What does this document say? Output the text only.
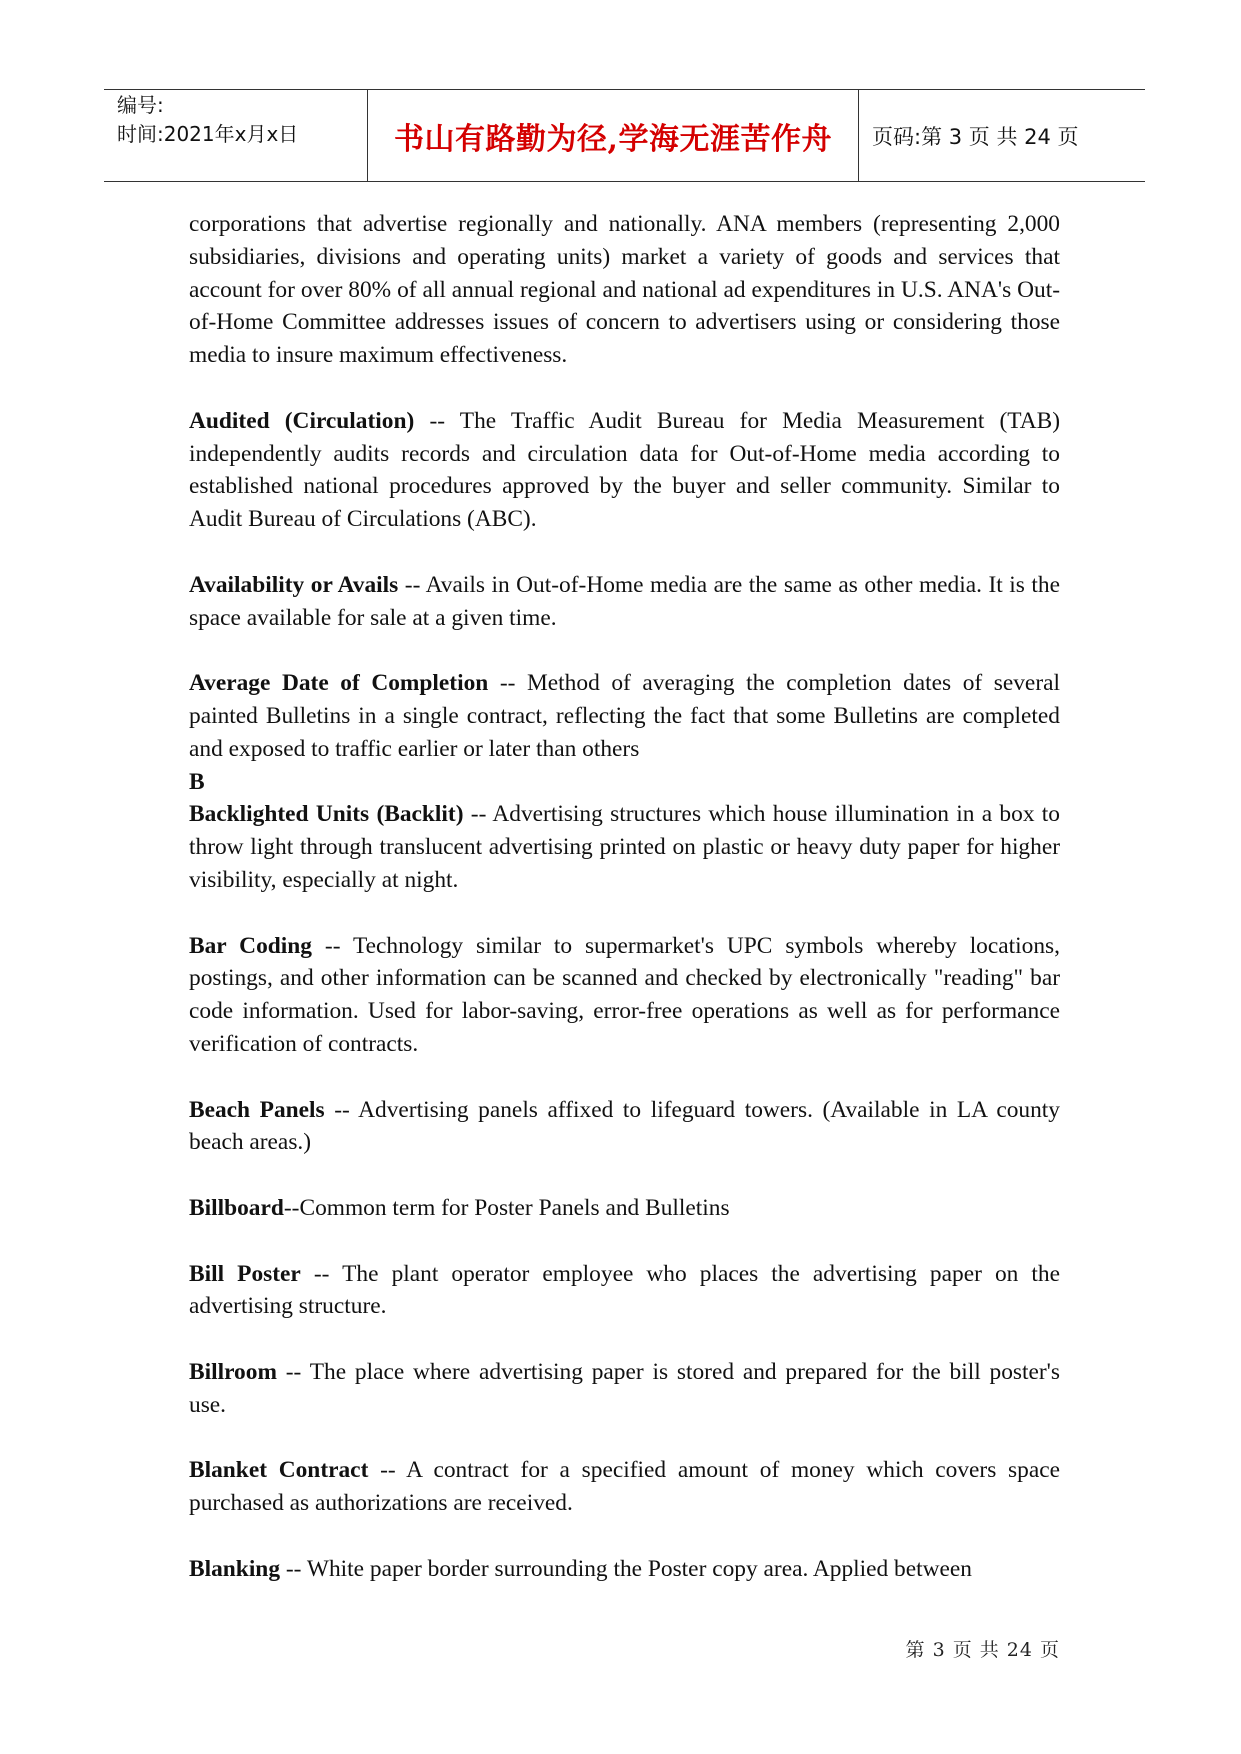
编号:
时间:2021年x月x日	书山有路勤为径,学海无涯苦作舟 页码:第 3 页 共 24 页

corporations that advertise regionally and nationally. ANA members (representing 2,000 subsidiaries, divisions and operating units) market a variety of goods and services that account for over 80% of all annual regional and national ad expenditures in U.S. ANA's Out-of-Home Committee addresses issues of concern to advertisers using or considering those media to insure maximum effectiveness.

Audited (Circulation) -- The Traffic Audit Bureau for Media Measurement (TAB) independently audits records and circulation data for Out-of-Home media according to established national procedures approved by the buyer and seller community. Similar to Audit Bureau of Circulations (ABC).

Availability or Avails -- Avails in Out-of-Home media are the same as other media. It is the space available for sale at a given time.

Average Date of Completion -- Method of averaging the completion dates of several painted Bulletins in a single contract, reflecting the fact that some Bulletins are completed and exposed to traffic earlier or later than others

B

Backlighted Units (Backlit) -- Advertising structures which house illumination in a box to throw light through translucent advertising printed on plastic or heavy duty paper for higher visibility, especially at night.

Bar Coding -- Technology similar to supermarket's UPC symbols whereby locations, postings, and other information can be scanned and checked by electronically "reading" bar code information. Used for labor-saving, error-free operations as well as for performance verification of contracts.

Beach Panels -- Advertising panels affixed to lifeguard towers. (Available in LA county beach areas.)

Billboard--Common term for Poster Panels and Bulletins

Bill Poster -- The plant operator employee who places the advertising paper on the advertising structure.

Billroom -- The place where advertising paper is stored and prepared for the bill poster's use.

Blanket Contract -- A contract for a specified amount of money which covers space purchased as authorizations are received.

Blanking -- White paper border surrounding the Poster copy area. Applied between

第 3 页 共 24 页
